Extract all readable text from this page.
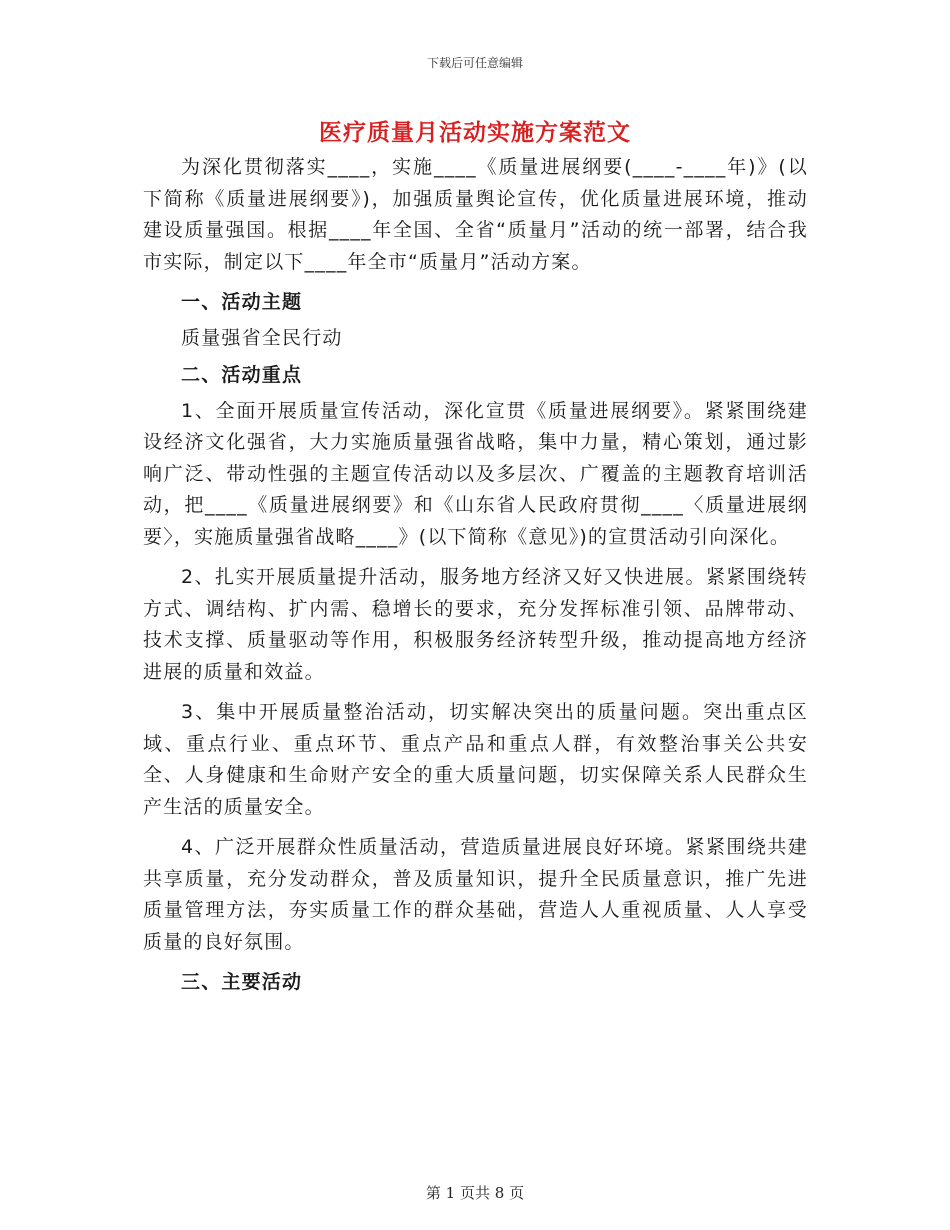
下载后可任意编辑
医疗质量月活动实施方案范文

为深化贯彻落实____，实施____《质量进展纲要(____-____年)》(以下简称《质量进展纲要》)，加强质量舆论宣传，优化质量进展环境，推动建设质量强国。根据____年全国、全省“质量月”活动的统一部署，结合我市实际，制定以下____年全市“质量月”活动方案。

一、活动主题

质量强省全民行动

二、活动重点

1、全面开展质量宣传活动，深化宣贯《质量进展纲要》。紧紧围绕建设经济文化强省，大力实施质量强省战略，集中力量，精心策划，通过影响广泛、带动性强的主题宣传活动以及多层次、广覆盖的主题教育培训活动，把____《质量进展纲要》和《山东省人民政府贯彻____〈质量进展纲要〉，实施质量强省战略____》(以下简称《意见》)的宣贯活动引向深化。

2、扎实开展质量提升活动，服务地方经济又好又快进展。紧紧围绕转方式、调结构、扩内需、稳增长的要求，充分发挥标准引领、品牌带动、技术支撑、质量驱动等作用，积极服务经济转型升级，推动提高地方经济进展的质量和效益。

3、集中开展质量整治活动，切实解决突出的质量问题。突出重点区域、重点行业、重点环节、重点产品和重点人群，有效整治事关公共安全、人身健康和生命财产安全的重大质量问题，切实保障关系人民群众生产生活的质量安全。

4、广泛开展群众性质量活动，营造质量进展良好环境。紧紧围绕共建共享质量，充分发动群众，普及质量知识，提升全民质量意识，推广先进质量管理方法，夯实质量工作的群众基础，营造人人重视质量、人人享受质量的良好氛围。

三、主要活动

第 1 页共 8 页
